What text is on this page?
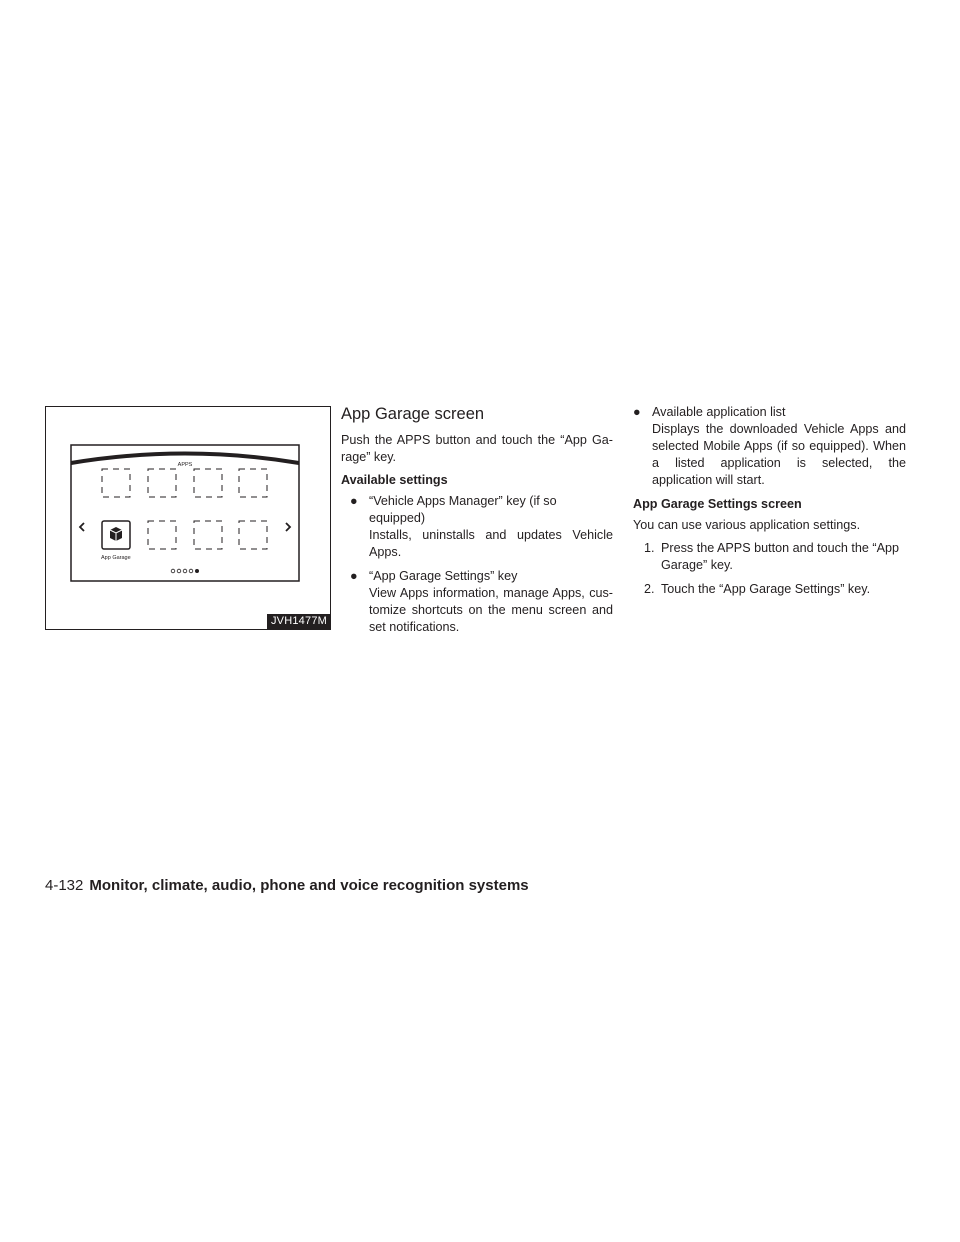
APPS
App Garage
JVH1477M
App Garage screen

Push the APPS button and touch the “App Ga- rage” key.

Available settings
● “Vehicle Apps Manager” key (if so equipped)
Installs, uninstalls and updates Vehicle Apps.
● “App Garage Settings” key
View Apps information, manage Apps, cus- tomize shortcuts on the menu screen and set notifications.
● Available application list
Displays the downloaded Vehicle Apps and selected Mobile Apps (if so equipped). When a listed application is selected, the application will start.
App Garage Settings screen

You can use various application settings.

1. Press the APPS button and touch the “App Garage” key.
2. Touch the “App Garage Settings” key.
4-132 Monitor, climate, audio, phone and voice recognition systems
